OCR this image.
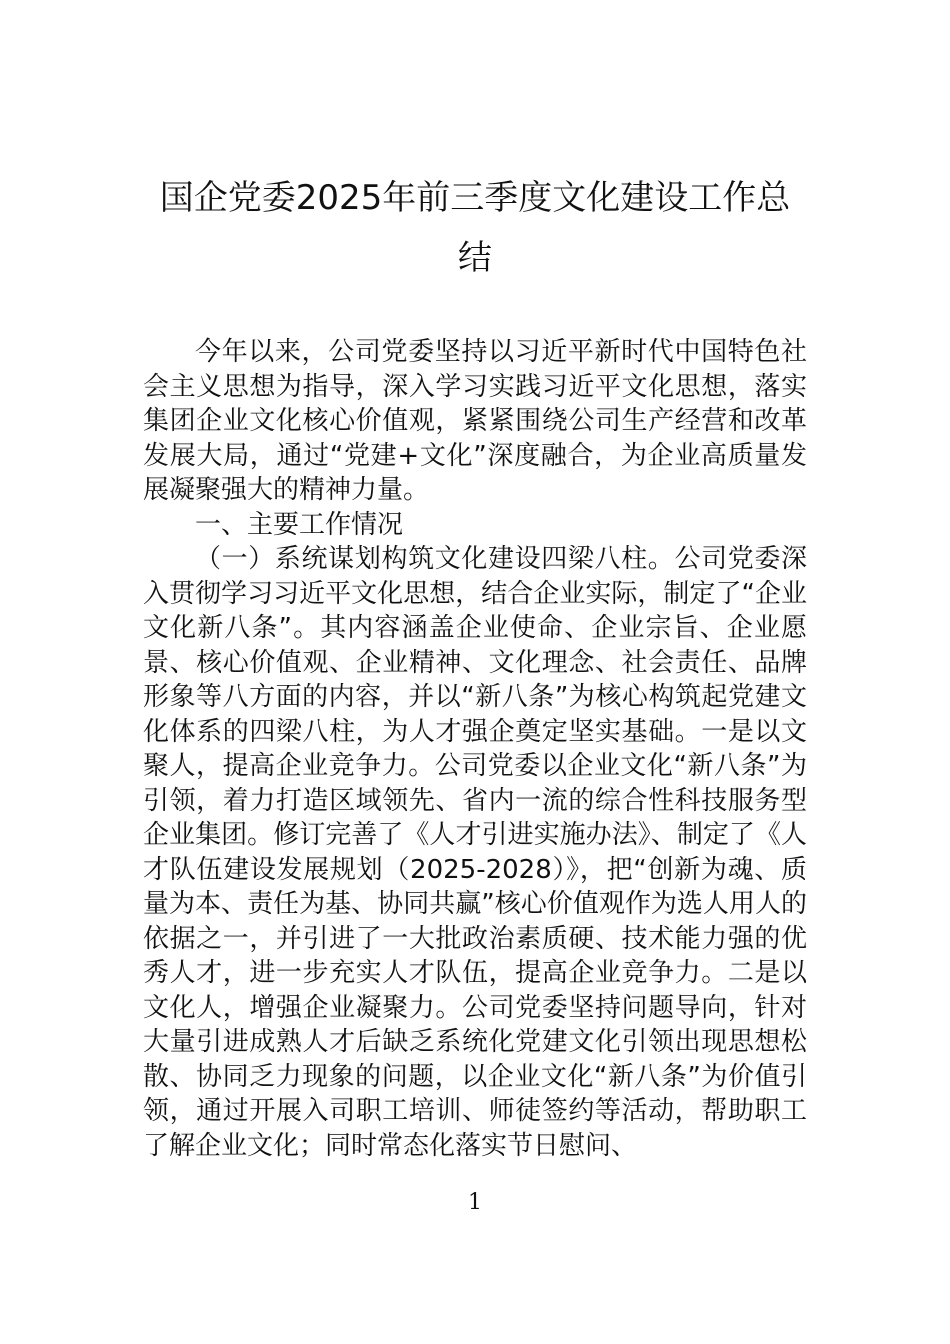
国企党委2025年前三季度文化建设工作总结

今年以来，公司党委坚持以习近平新时代中国特色社会主义思想为指导，深入学习实践习近平文化思想，落实集团企业文化核心价值观，紧紧围绕公司生产经营和改革发展大局，通过“党建+文化”深度融合，为企业高质量发展凝聚强大的精神力量。

一、主要工作情况

（一）系统谋划构筑文化建设四梁八柱。公司党委深入贯彻学习习近平文化思想，结合企业实际，制定了“企业文化新八条”。其内容涵盖企业使命、企业宗旨、企业愿景、核心价值观、企业精神、文化理念、社会责任、品牌形象等八方面的内容，并以“新八条”为核心构筑起党建文化体系的四梁八柱，为人才强企奠定坚实基础。一是以文聚人，提高企业竞争力。公司党委以企业文化“新八条”为引领，着力打造区域领先、省内一流的综合性科技服务型企业集团。修订完善了《人才引进实施办法》、制定了《人才队伍建设发展规划（2025-2028）》，把“创新为魂、质量为本、责任为基、协同共赢”核心价值观作为选人用人的依据之一，并引进了一大批政治素质硬、技术能力强的优秀人才，进一步充实人才队伍，提高企业竞争力。二是以文化人，增强企业凝聚力。公司党委坚持问题导向，针对大量引进成熟人才后缺乏系统化党建文化引领出现思想松散、协同乏力现象的问题，以企业文化“新八条”为价值引领，通过开展入司职工培训、师徒签约等活动，帮助职工了解企业文化；同时常态化落实节日慰问、

1
